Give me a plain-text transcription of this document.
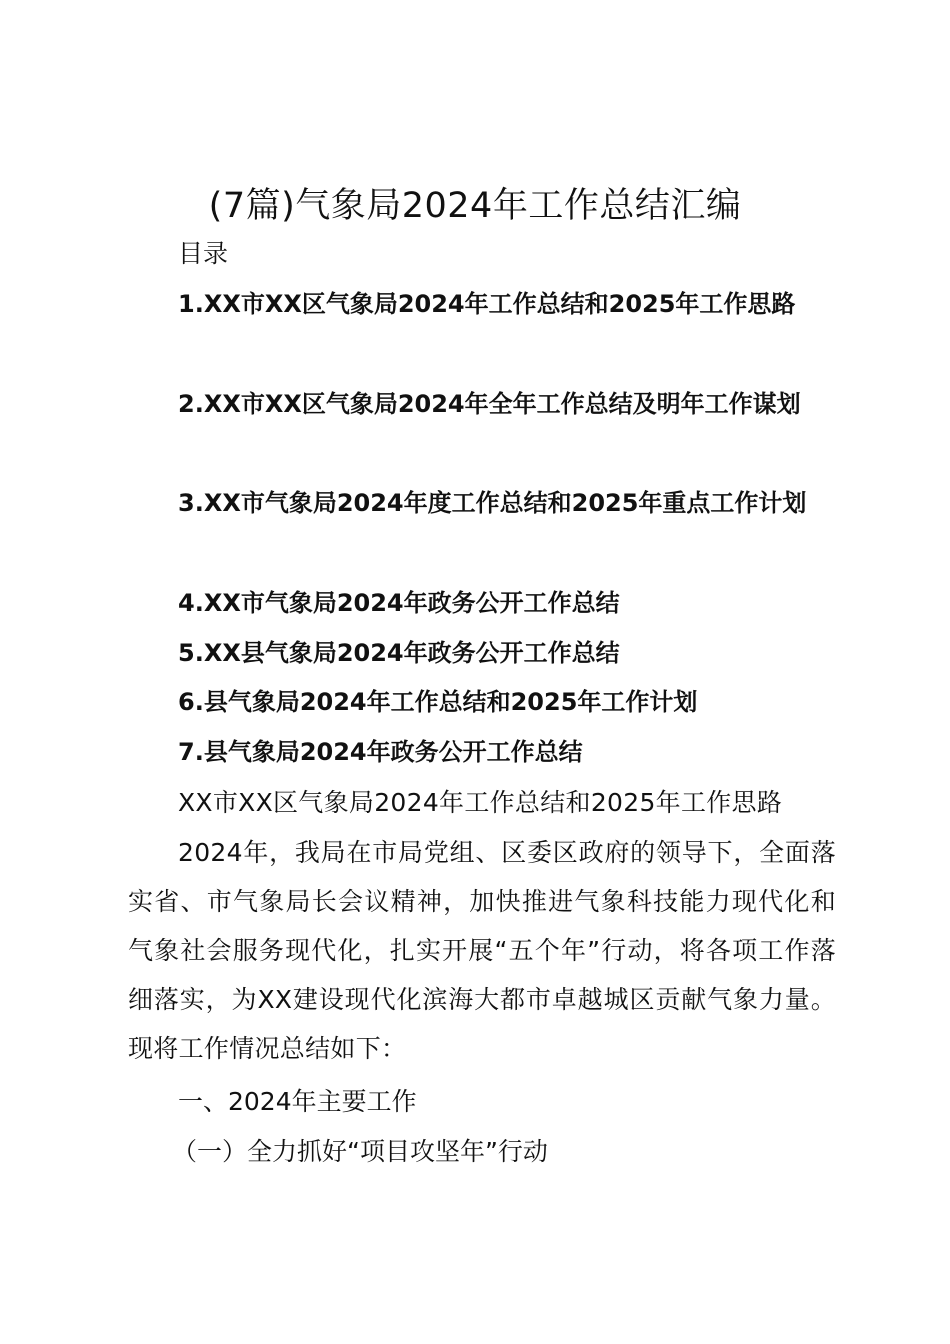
(7篇)气象局2024年工作总结汇编
目录
1.XX市XX区气象局2024年工作总结和2025年工作思路
2.XX市XX区气象局2024年全年工作总结及明年工作谋划
3.XX市气象局2024年度工作总结和2025年重点工作计划
4.XX市气象局2024年政务公开工作总结
5.XX县气象局2024年政务公开工作总结
6.县气象局2024年工作总结和2025年工作计划
7.县气象局2024年政务公开工作总结
XX市XX区气象局2024年工作总结和2025年工作思路
2024年，我局在市局党组、区委区政府的领导下，全面落实省、市气象局长会议精神，加快推进气象科技能力现代化和气象社会服务现代化，扎实开展“五个年”行动，将各项工作落细落实，为XX建设现代化滨海大都市卓越城区贡献气象力量。现将工作情况总结如下：
一、2024年主要工作
（一）全力抓好“项目攻坚年”行动
